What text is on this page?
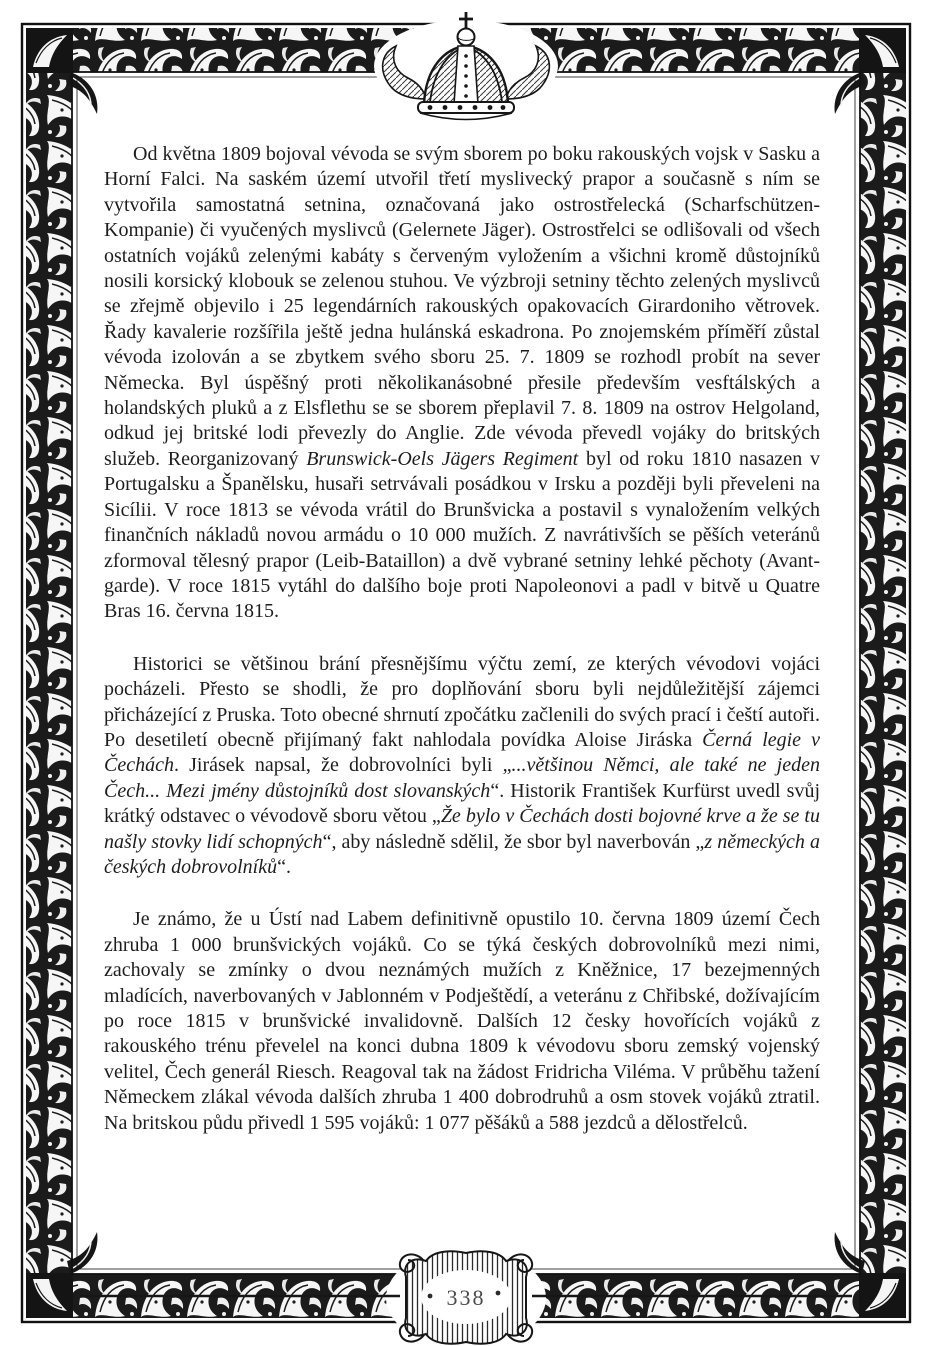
338

Od května 1809 bojoval vévoda se svým sborem po boku rakouských vojsk v Sasku a Horní Falci. Na saském území utvořil třetí myslivecký prapor a současně s ním se vytvořila samostatná setnina, označovaná jako ostrostřelecká (Scharfschützen-Kompanie) či vyučených myslivců (Gelernete Jäger). Ostrostřelci se odlišovali od všech ostatních vojáků zelenými kabáty s červeným vyložením a všichni kromě důstojníků nosili korsický klobouk se zelenou stuhou. Ve výzbroji setniny těchto zelených myslivců se zřejmě objevilo i 25 legendárních rakouských opakovacích Girardoniho větrovek. Řady kavalerie rozšířila ještě jedna hulánská eskadrona. Po znojemském příměří zůstal vévoda izolován a se zbytkem svého sboru 25. 7. 1809 se rozhodl probít na sever Německa. Byl úspěšný proti několikanásobné přesile především vesftálských a holandských pluků a z Elsflethu se se sborem přeplavil 7. 8. 1809 na ostrov Helgoland, odkud jej britské lodi převezly do Anglie. Zde vévoda převedl vojáky do britských služeb. Reorganizovaný Brunswick-Oels Jägers Regiment byl od roku 1810 nasazen v Portugalsku a Španělsku, husaři setrvávali posádkou v Irsku a později byli převeleni na Sicílii. V roce 1813 se vévoda vrátil do Brunšvicka a postavil s vynaložením velkých finančních nákladů novou armádu o 10 000 mužích. Z navrátivších se pěších veteránů zformoval tělesný prapor (Leib-Bataillon) a dvě vybrané setniny lehké pěchoty (Avantgarde). V roce 1815 vytáhl do dalšího boje proti Napoleonovi a padl v bitvě u Quatre Bras 16. června 1815.

Historici se většinou brání přesnějšímu výčtu zemí, ze kterých vévodovi vojáci pocházeli. Přesto se shodli, že pro doplňování sboru byli nejdůležitější zájemci přicházející z Pruska. Toto obecné shrnutí zpočátku začlenili do svých prací i čeští autoři. Po desetiletí obecně přijímaný fakt nahlodala povídka Aloise Jiráska Černá legie v Čechách. Jirásek napsal, že dobrovolníci byli „...většinou Němci, ale také ne jeden Čech... Mezi jmény důstojníků dost slovanských“. Historik František Kurfürst uvedl svůj krátký odstavec o vévodově sboru větou „Že bylo v Čechách dosti bojovné krve a že se tu našly stovky lidí schopných“, aby následně sdělil, že sbor byl naverbován „z německých a českých dobrovolníků“.

Je známo, že u Ústí nad Labem definitivně opustilo 10. června 1809 území Čech zhruba 1 000 brunšvických vojáků. Co se týká českých dobrovolníků mezi nimi, zachovaly se zmínky o dvou neznámých mužích z Kněžnice, 17 bezejmenných mladících, naverbovaných v Jablonném v Podještědí, a veteránu z Chřibské, dožívajícím po roce 1815 v brunšvické invalidovně. Dalších 12 česky hovořících vojáků z rakouského trénu převelel na konci dubna 1809 k vévodovu sboru zemský vojenský velitel, Čech generál Riesch. Reagoval tak na žádost Fridricha Viléma. V průběhu tažení Německem zlákal vévoda dalších zhruba 1 400 dobrodruhů a osm stovek vojáků ztratil. Na britskou půdu přivedl 1 595 vojáků: 1 077 pěšáků a 588 jezdců a dělostřelců.
